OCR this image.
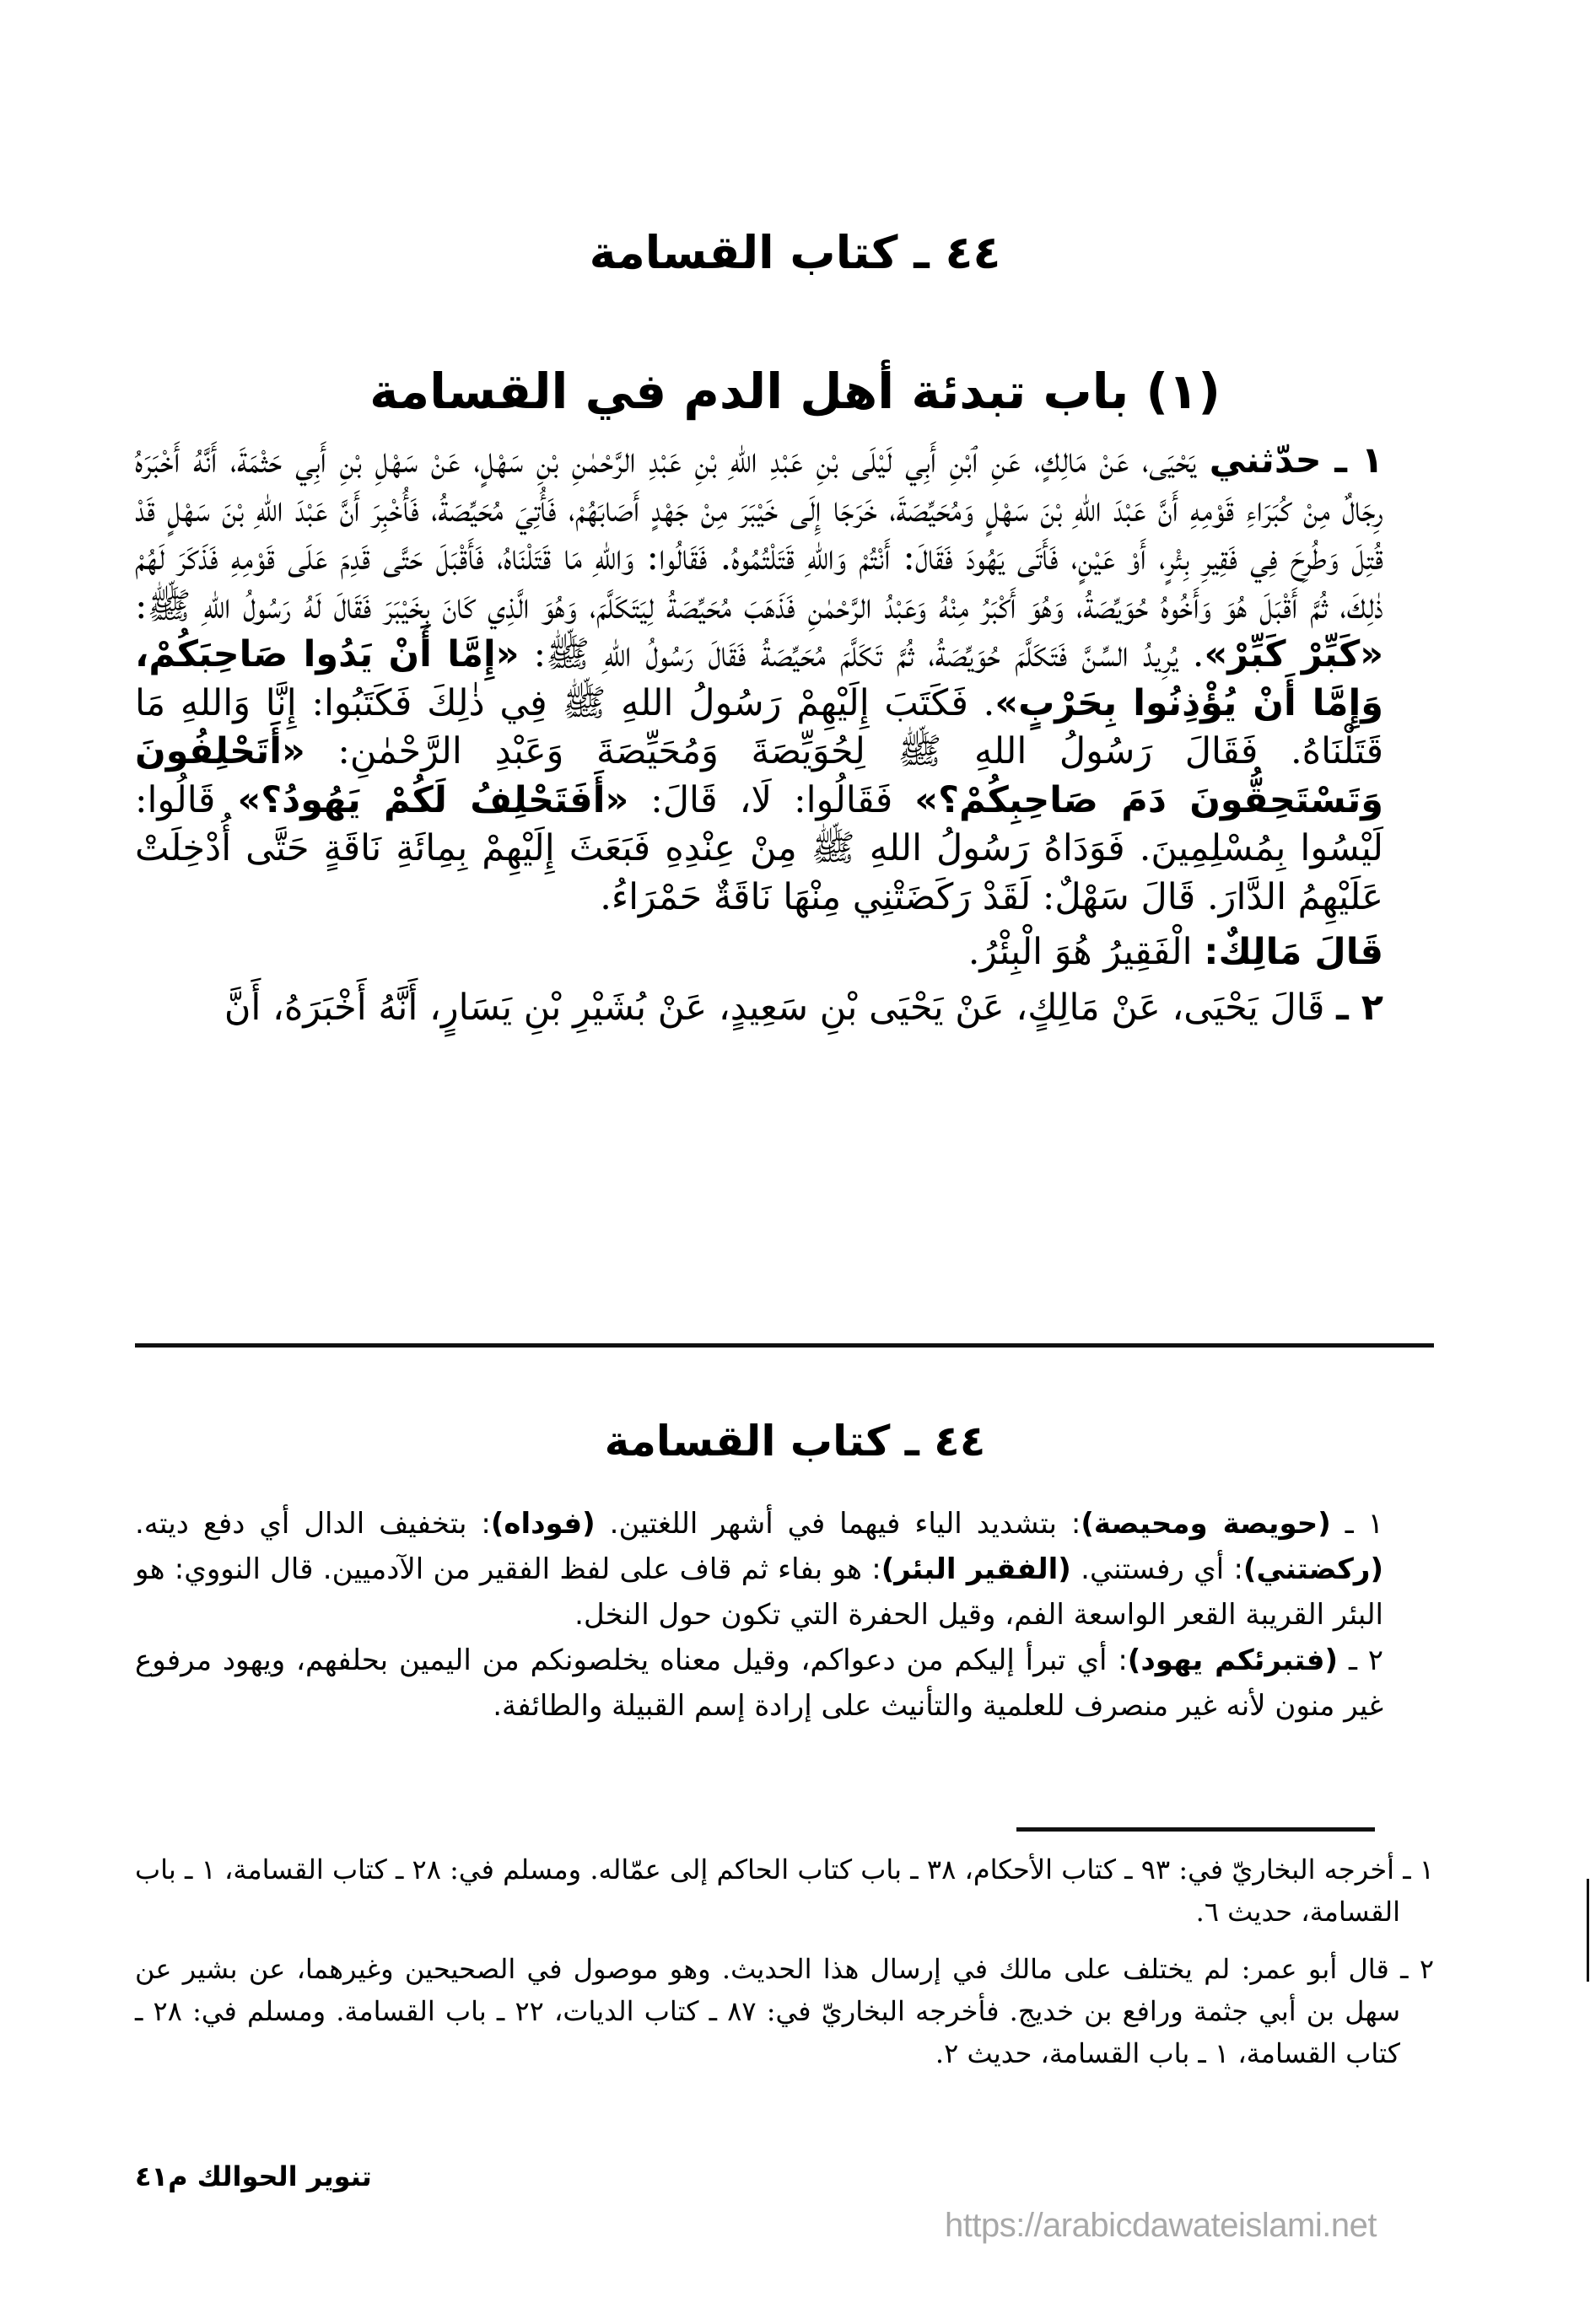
٤٤ ـ كتاب القسامة
(١) باب تبدئة أهل الدم في القسامة

١ ـ حدّثني يَحْيَى، عَنْ مَالِكٍ، عَنِ ٱبْنِ أَبِي لَيْلَى بْنِ عَبْدِ اللهِ بْنِ عَبْدِ الرَّحْمٰنِ بْنِ سَهْلٍ، عَنْ سَهْلِ بْنِ أَبِي حَثْمَةَ، أَنَّهُ أَخْبَرَهُ رِجَالٌ مِنْ كُبَرَاءِ قَوْمِهِ أَنَّ عَبْدَ اللهِ بْنَ سَهْلٍ وَمُحَيِّصَةَ، خَرَجَا إِلَى خَيْبَرَ مِنْ جَهْدٍ أَصَابَهُمْ، فَأُتِيَ مُحَيِّصَةُ، فَأُخْبِرَ أَنَّ عَبْدَ اللهِ بْنَ سَهْلٍ قَدْ قُتِلَ وَطُرِحَ فِي فَقِيرِ بِئْرٍ، أَوْ عَيْنٍ، فَأَتَى يَهُودَ فَقَالَ: أَنْتُمْ وَاللهِ قَتَلْتُمُوهُ. فَقَالُوا: وَاللهِ مَا قَتَلْنَاهُ، فَأَقْبَلَ حَتَّى قَدِمَ عَلَى قَوْمِهِ فَذَكَرَ لَهُمْ ذٰلِكَ، ثُمَّ أَقْبَلَ هُوَ وَأَخُوهُ حُوَيِّصَةُ، وَهُوَ أَكْبَرُ مِنْهُ وَعَبْدُ الرَّحْمٰنِ فَذَهَبَ مُحَيِّصَةُ لِيَتَكَلَّمَ، وَهُوَ الَّذِي كَانَ بِخَيْبَرَ فَقَالَ لَهُ رَسُولُ اللهِ ﷺ: «كَبِّرْ كَبِّرْ». يُرِيدُ السِّنَّ فَتَكَلَّمَ حُوَيِّصَةُ، ثُمَّ تَكَلَّمَ مُحَيِّصَةُ فَقَالَ رَسُولُ اللهِ ﷺ: «إِمَّا أَنْ يَدُوا صَاحِبَكُمْ، وَإِمَّا أَنْ يُؤْذِنُوا بِحَرْبٍ». فَكَتَبَ إِلَيْهِمْ رَسُولُ اللهِ ﷺ فِي ذٰلِكَ فَكَتَبُوا: إِنَّا وَاللهِ مَا قَتَلْنَاهُ. فَقَالَ رَسُولُ اللهِ ﷺ لِحُوَيِّصَةَ وَمُحَيِّصَةَ وَعَبْدِ الرَّحْمٰنِ: «أَتَحْلِفُونَ وَتَسْتَحِقُّونَ دَمَ صَاحِبِكُمْ؟» فَقَالُوا: لَا، قَالَ: «أَفَتَحْلِفُ لَكُمْ يَهُودُ؟» قَالُوا: لَيْسُوا بِمُسْلِمِينَ. فَوَدَاهُ رَسُولُ اللهِ ﷺ مِنْ عِنْدِهِ فَبَعَثَ إِلَيْهِمْ بِمِائَةِ نَاقَةٍ حَتَّى أُدْخِلَتْ عَلَيْهِمُ الدَّارَ. قَالَ سَهْلٌ: لَقَدْ رَكَضَتْنِي مِنْهَا نَاقَةٌ حَمْرَاءُ.

قَالَ مَالِكٌ: الْفَقِيرُ هُوَ الْبِئْرُ.

٢ ـ قَالَ يَحْيَى، عَنْ مَالِكٍ، عَنْ يَحْيَى بْنِ سَعِيدٍ، عَنْ بُشَيْرِ بْنِ يَسَارٍ، أَنَّهُ أَخْبَرَهُ، أَنَّ

٤٤ ـ كتاب القسامة

١ ـ (حويصة ومحيصة): بتشديد الياء فيهما في أشهر اللغتين. (فوداه): بتخفيف الدال أي دفع ديته. (ركضتني): أي رفستني. (الفقير البئر): هو بفاء ثم قاف على لفظ الفقير من الآدميين. قال النووي: هو البئر القريبة القعر الواسعة الفم، وقيل الحفرة التي تكون حول النخل.

٢ ـ (فتبرئكم يهود): أي تبرأ إليكم من دعواكم، وقيل معناه يخلصونكم من اليمين بحلفهم، ويهود مرفوع غير منون لأنه غير منصرف للعلمية والتأنيث على إرادة إسم القبيلة والطائفة.

١ ـ أخرجه البخاريّ في: ٩٣ ـ كتاب الأحكام، ٣٨ ـ باب كتاب الحاكم إلى عمّاله. ومسلم في: ٢٨ ـ كتاب القسامة، ١ ـ باب القسامة، حديث ٦.

٢ ـ قال أبو عمر: لم يختلف على مالك في إرسال هذا الحديث. وهو موصول في الصحيحين وغيرهما، عن بشير عن سهل بن أبي جثمة ورافع بن خديج. فأخرجه البخاريّ في: ٨٧ ـ كتاب الديات، ٢٢ ـ باب القسامة. ومسلم في: ٢٨ ـ كتاب القسامة، ١ ـ باب القسامة، حديث ٢.

تنوير الحوالك م٤١
https://arabicdawateislami.net
